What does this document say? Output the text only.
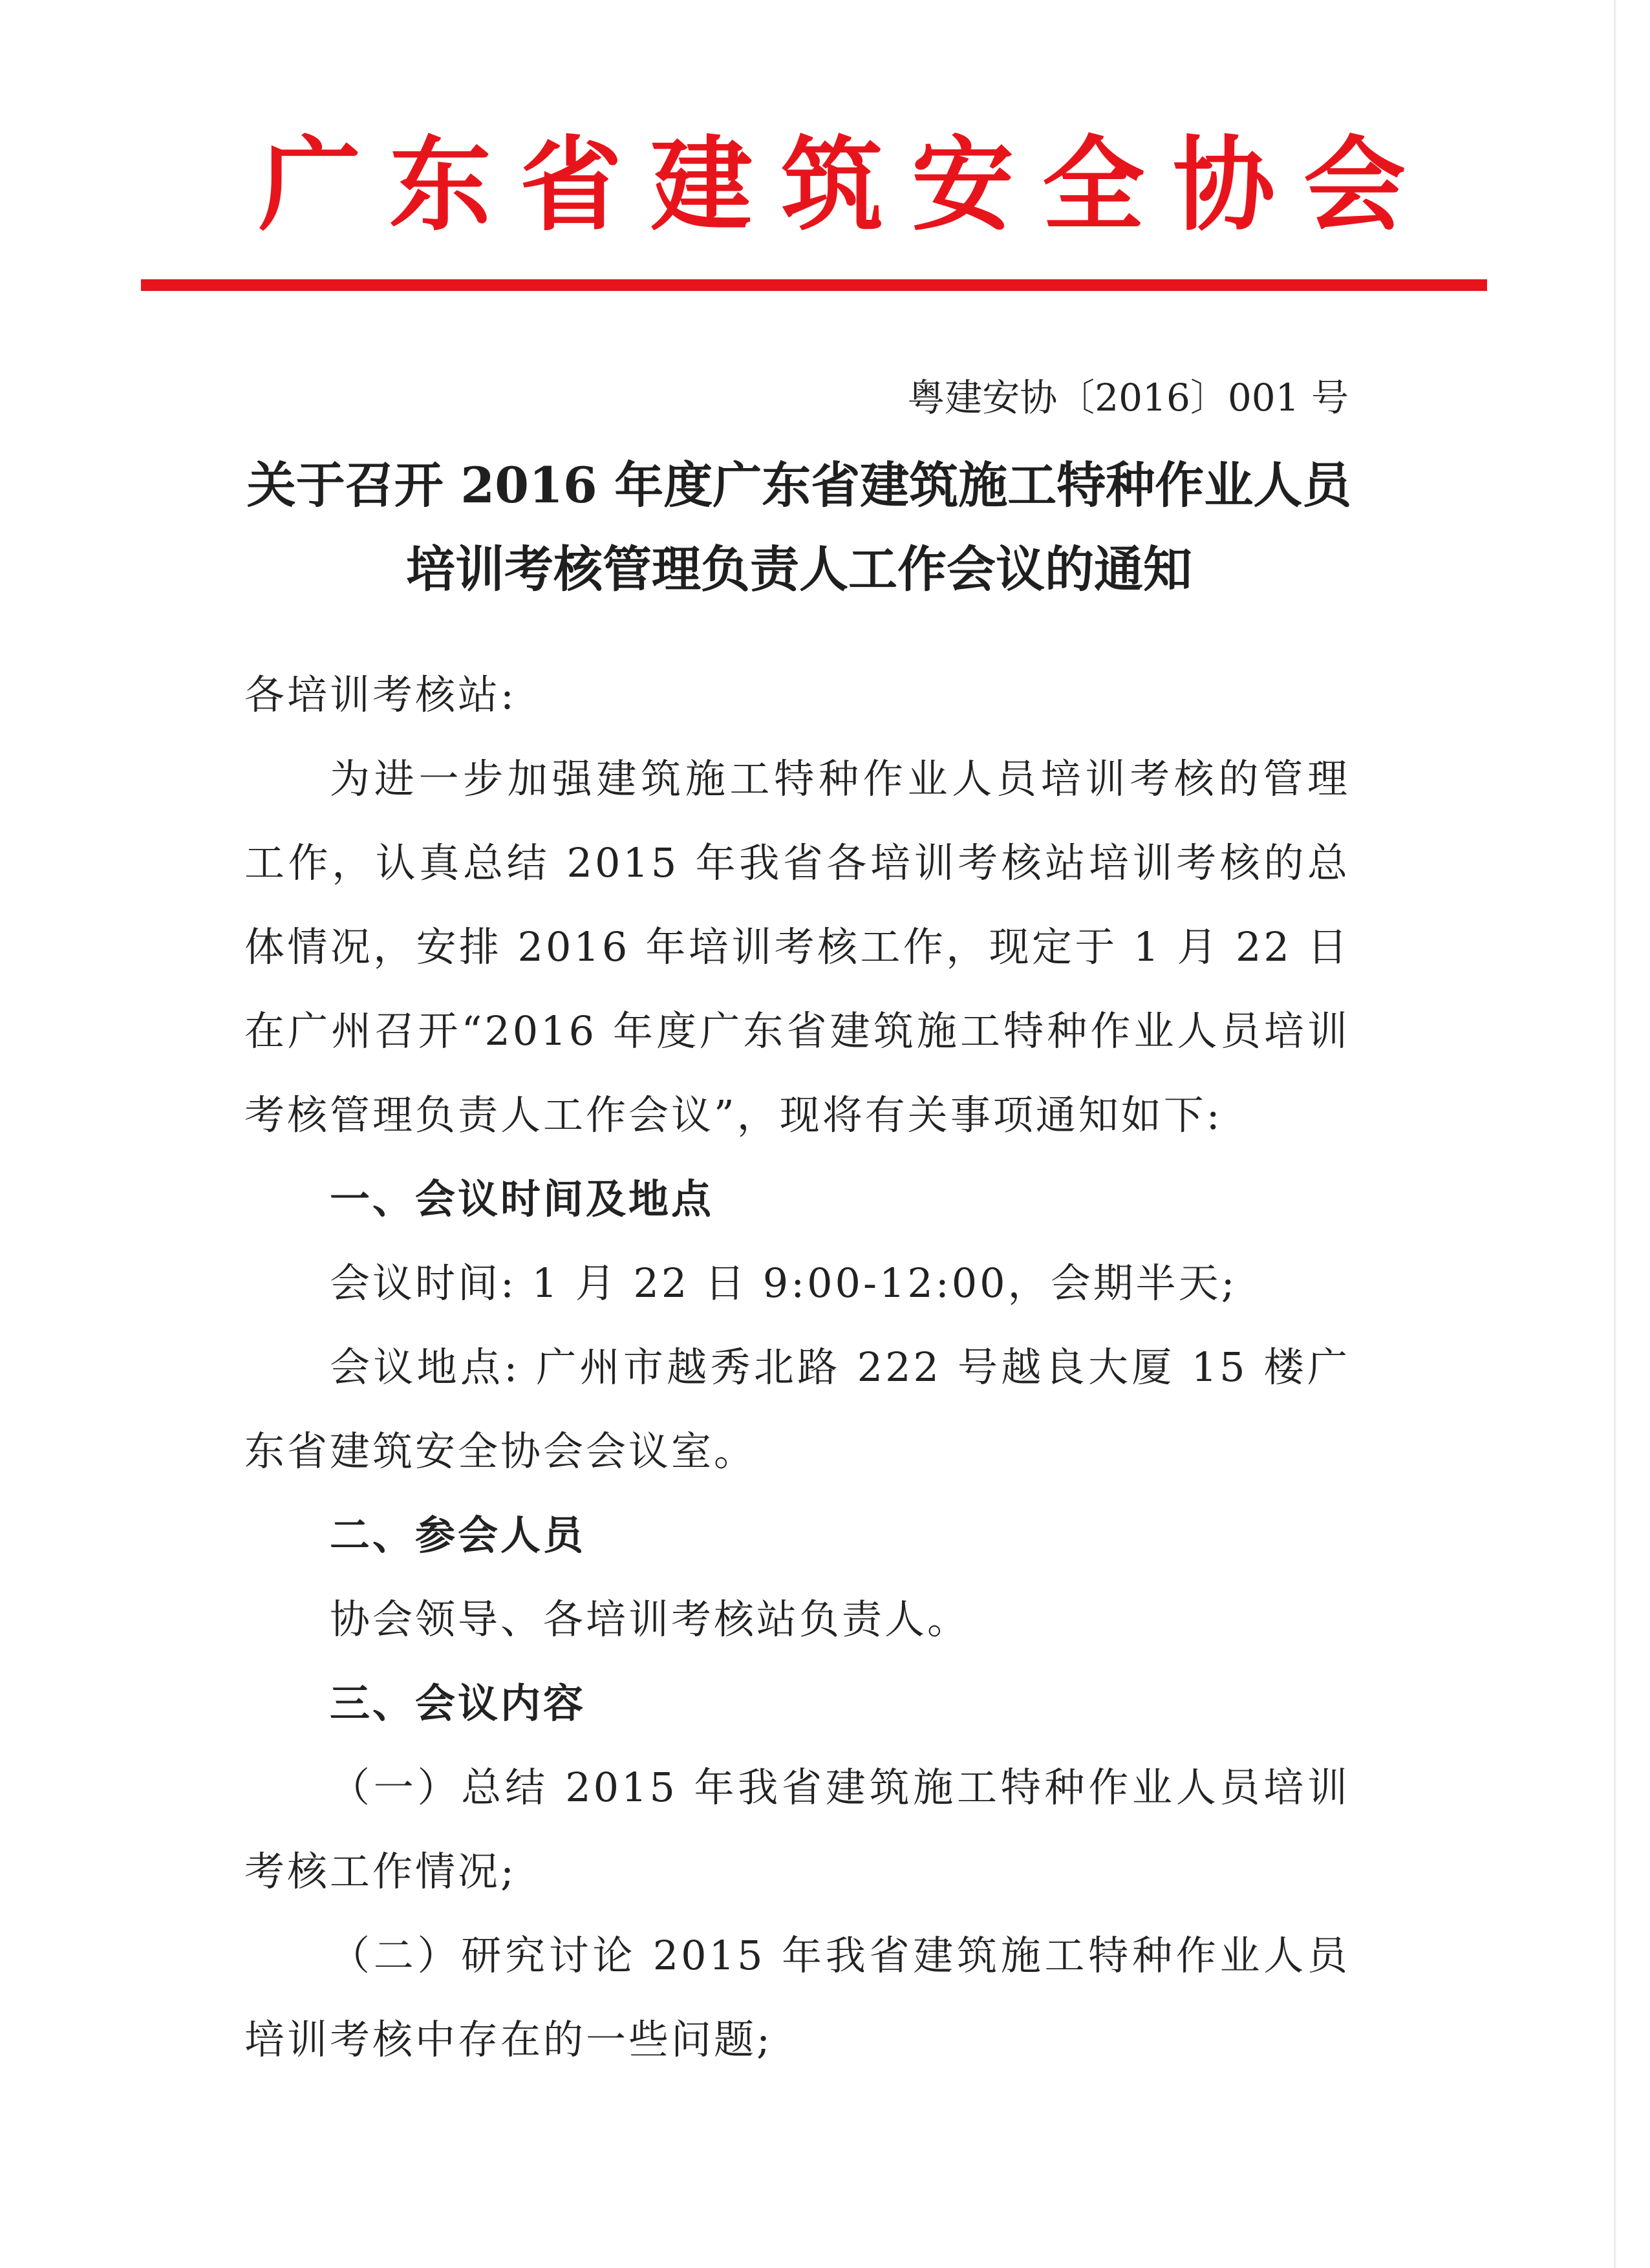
广东省建筑安全协会
粤建安协〔2016〕001 号
关于召开 2016 年度广东省建筑施工特种作业人员
培训考核管理负责人工作会议的通知

各培训考核站:

为进一步加强建筑施工特种作业人员培训考核的管理工作，认真总结 2015 年我省各培训考核站培训考核的总体情况，安排 2016 年培训考核工作，现定于 1 月 22 日在广州召开“2016 年度广东省建筑施工特种作业人员培训考核管理负责人工作会议”，现将有关事项通知如下:

一、会议时间及地点

会议时间: 1 月 22 日 9:00-12:00，会期半天;

会议地点: 广州市越秀北路 222 号越良大厦 15 楼广东省建筑安全协会会议室。

二、参会人员

协会领导、各培训考核站负责人。

三、会议内容

（一）总结 2015 年我省建筑施工特种作业人员培训考核工作情况;

（二）研究讨论 2015 年我省建筑施工特种作业人员培训考核中存在的一些问题;
